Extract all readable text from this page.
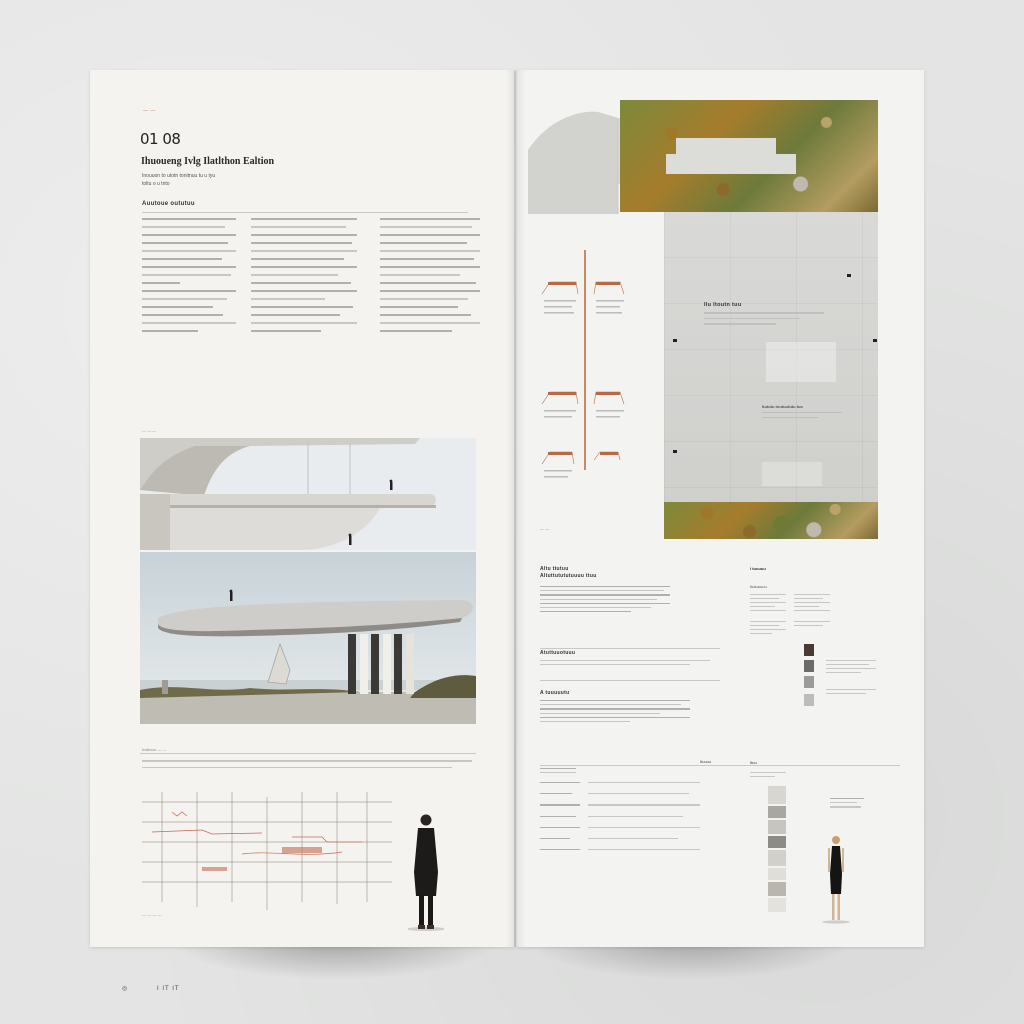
— —
01 08
Ihuoueng Ivlg Ilatlthon Ealtion
Inouuon to utotn tonitnuu tu u tyu
toltu o u tnto
Auutoue oututuu
— — —
Inalloun — —
— — — —
Ilu Itoutn tuu
Itututu tnutuututu tuo
— —
Altu ttutuu
Altuttutututuuuu ttuu
Atuttuuotuuu
A tuuuuutu
I tuuuuu
Itutuuuuu
Ituuuu	Ituu
◎	I IT IT
